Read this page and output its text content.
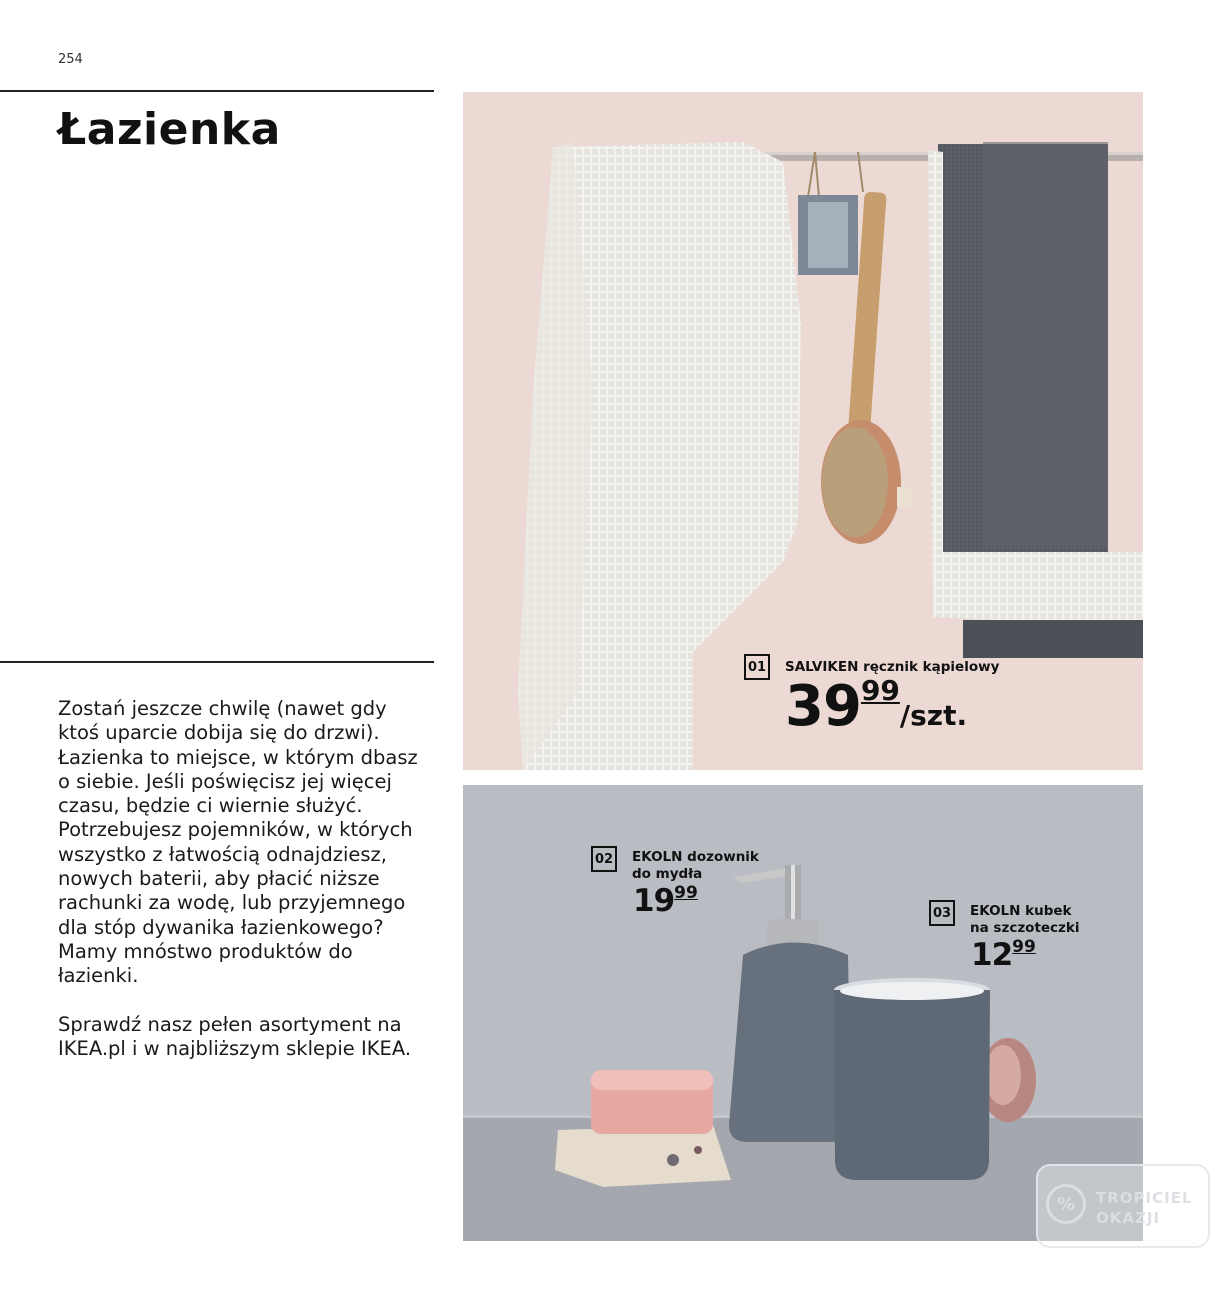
254
Łazienka

Zostań jeszcze chwilę (nawet gdy ktoś uparcie dobija się do drzwi). Łazienka to miejsce, w którym dbasz o siebie. Jeśli poświęcisz jej więcej czasu, będzie ci wiernie służyć. Potrzebujesz pojemników, w których wszystko z łatwością odnajdziesz, nowych baterii, aby płacić niższe rachunki za wodę, lub przyjemnego dla stóp dywanika łazienkowego? Mamy mnóstwo produktów do łazienki.

Sprawdź nasz pełen asortyment na IKEA.pl i w najbliższym sklepie IKEA.

01 SALVIKEN ręcznik kąpielowy
$39^{99}$/szt.
02 EKOLN dozownik
do mydła
$19^{99}$
03 EKOLN kubek
na szczoteczki
$12^{99}$
%	TROPICIEL
OKAZJI
